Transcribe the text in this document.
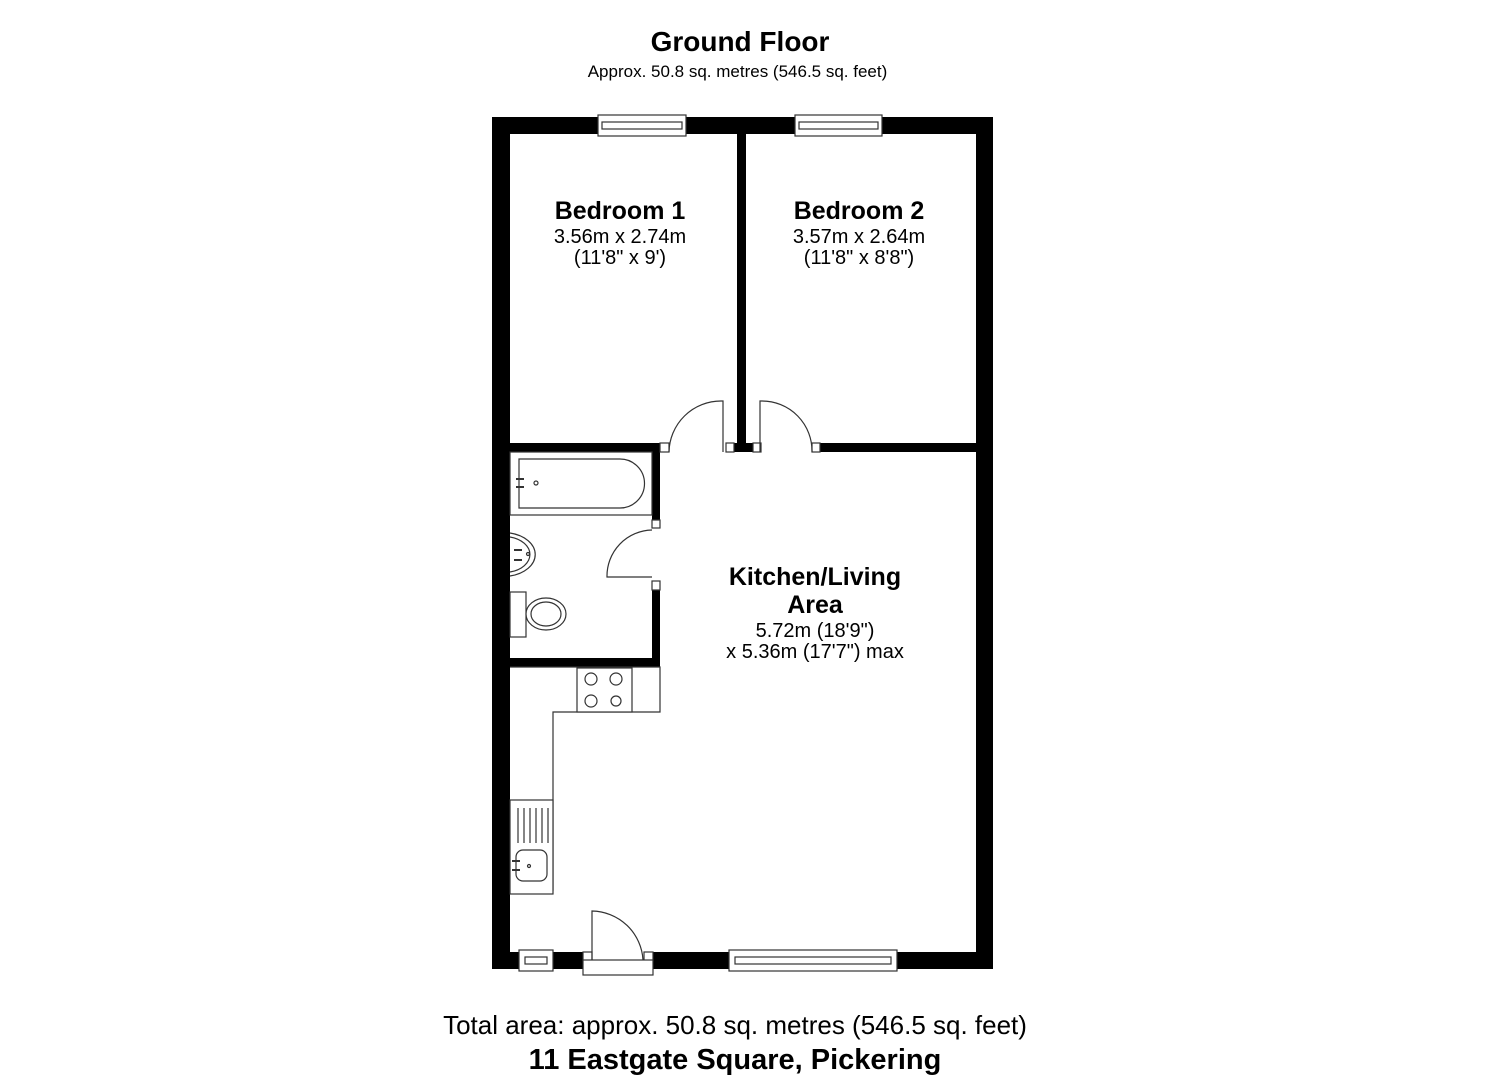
Ground Floor
Approx. 50.8 sq. metres (546.5 sq. feet)
Bedroom 1
3.56m x 2.74m
(11'8" x 9')
Bedroom 2
3.57m x 2.64m
(11'8" x 8'8")
Kitchen/Living
Area
5.72m (18'9")
x 5.36m (17'7") max
Total area: approx. 50.8 sq. metres (546.5 sq. feet)
11 Eastgate Square, Pickering
